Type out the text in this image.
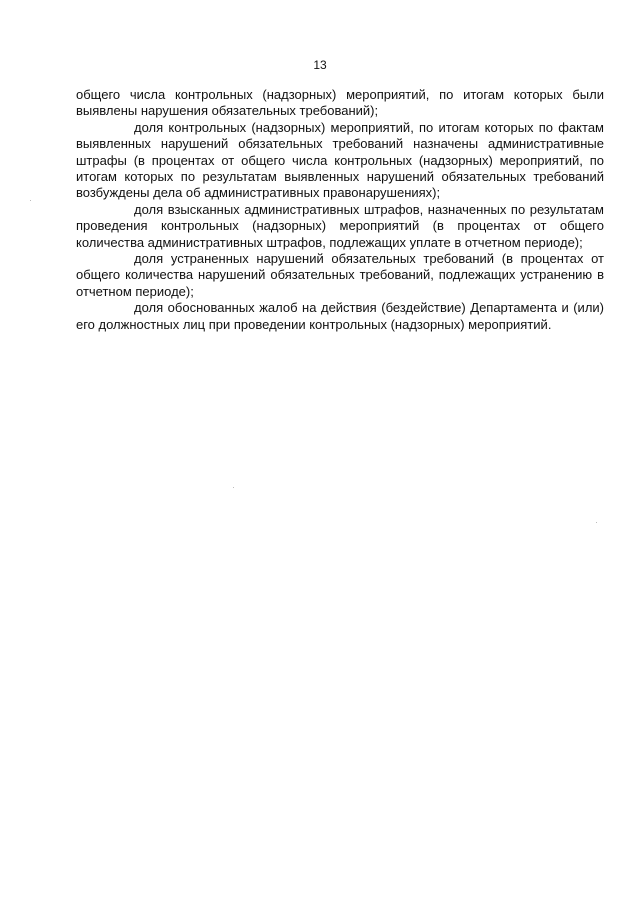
13

общего числа контрольных (надзорных) мероприятий, по итогам которых были выявлены нарушения обязательных требований);

доля контрольных (надзорных) мероприятий, по итогам которых по фактам выявленных нарушений обязательных требований назначены административные штрафы (в процентах от общего числа контрольных (надзорных) мероприятий, по итогам которых по результатам выявленных нарушений обязательных требований возбуждены дела об административных правонарушениях);

доля взысканных административных штрафов, назначенных по результатам проведения контрольных (надзорных) мероприятий (в процентах от общего количества административных штрафов, подлежащих уплате в отчетном периоде);

доля устраненных нарушений обязательных требований (в процентах от общего количества нарушений обязательных требований, подлежащих устранению в отчетном периоде);

доля обоснованных жалоб на действия (бездействие) Департамента и (или) его должностных лиц при проведении контрольных (надзорных) мероприятий.
